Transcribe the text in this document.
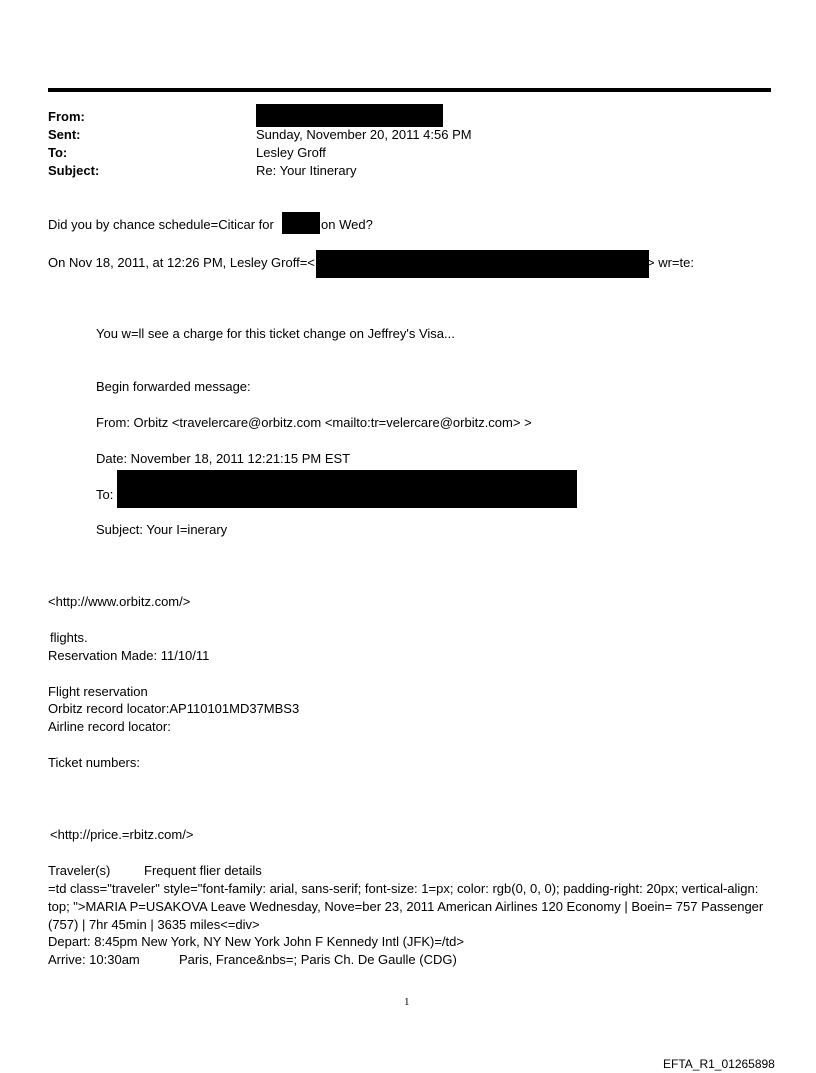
From:
Sent:	Sunday, November 20, 2011 4:56 PM
To:	Lesley Groff
Subject:	Re: Your Itinerary
Did you by chance schedule=Citicar for	on Wed?
On Nov 18, 2011, at 12:26 PM, Lesley Groff=<	> wr=te:
You w=ll see a charge for this ticket change on Jeffrey's Visa...
Begin forwarded message:
From: Orbitz <travelercare@orbitz.com <mailto:tr=velercare@orbitz.com> >
Date: November 18, 2011 12:21:15 PM EST
To:
Subject: Your I=inerary
<http://www.orbitz.com/>
flights.
Reservation Made: 11/10/11
Flight reservation
Orbitz record locator:AP110101MD37MBS3
Airline record locator:
Ticket numbers:
<http://price.=rbitz.com/>
Traveler(s)	Frequent flier details
=td class="traveler" style="font-family: arial, sans-serif; font-size: 1=px; color: rgb(0, 0, 0); padding-right: 20px; vertical-align: top; ">MARIA P=USAKOVA Leave Wednesday, Nove=ber 23, 2011 American Airlines 120 Economy | Boein= 757 Passenger (757) | 7hr 45min | 3635 miles<=div>
Depart: 8:45pm New York, NY New York John F Kennedy Intl (JFK)=/td>
Arrive: 10:30am	Paris, France&nbs=; Paris Ch. De Gaulle (CDG)
1
EFTA_R1_01265898
